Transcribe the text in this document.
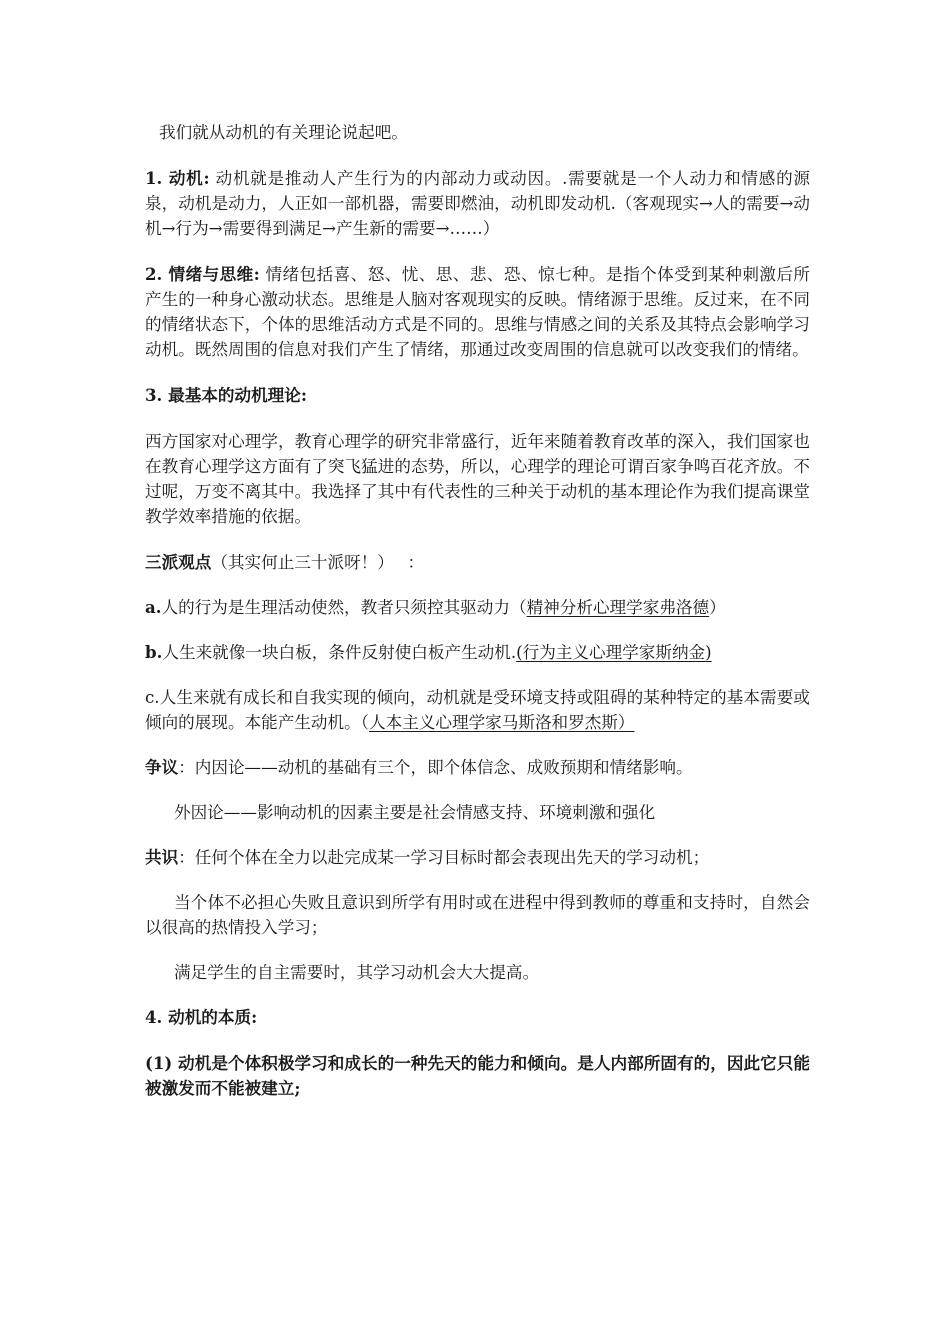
我们就从动机的有关理论说起吧。

1. 动机: 动机就是推动人产生行为的内部动力或动因。.需要就是一个人动力和情感的源泉，动机是动力，人正如一部机器，需要即燃油，动机即发动机.（客观现实→人的需要→动机→行为→需要得到满足→产生新的需要→……）

2. 情绪与思维: 情绪包括喜、怒、忧、思、悲、恐、惊七种。是指个体受到某种刺激后所产生的一种身心激动状态。思维是人脑对客观现实的反映。情绪源于思维。反过来，在不同的情绪状态下，个体的思维活动方式是不同的。思维与情感之间的关系及其特点会影响学习动机。既然周围的信息对我们产生了情绪，那通过改变周围的信息就可以改变我们的情绪。

3. 最基本的动机理论:

西方国家对心理学，教育心理学的研究非常盛行，近年来随着教育改革的深入，我们国家也在教育心理学这方面有了突飞猛进的态势，所以，心理学的理论可谓百家争鸣百花齐放。不过呢，万变不离其中。我选择了其中有代表性的三种关于动机的基本理论作为我们提高课堂教学效率措施的依据。

三派观点（其实何止三十派呀！）　 ：

a.人的行为是生理活动使然，教者只须控其驱动力（精神分析心理学家弗洛德）

b.人生来就像一块白板，条件反射使白板产生动机.(行为主义心理学家斯纳金)

c.人生来就有成长和自我实现的倾向，动机就是受环境支持或阻碍的某种特定的基本需要或倾向的展现。本能产生动机。（人本主义心理学家马斯洛和罗杰斯）

争议：内因论——动机的基础有三个，即个体信念、成败预期和情绪影响。

外因论——影响动机的因素主要是社会情感支持、环境刺激和强化

共识：任何个体在全力以赴完成某一学习目标时都会表现出先天的学习动机；

当个体不必担心失败且意识到所学有用时或在进程中得到教师的尊重和支持时，自然会以很高的热情投入学习；

满足学生的自主需要时，其学习动机会大大提高。

4. 动机的本质:

(1) 动机是个体积极学习和成长的一种先天的能力和倾向。是人内部所固有的，因此它只能被激发而不能被建立;
